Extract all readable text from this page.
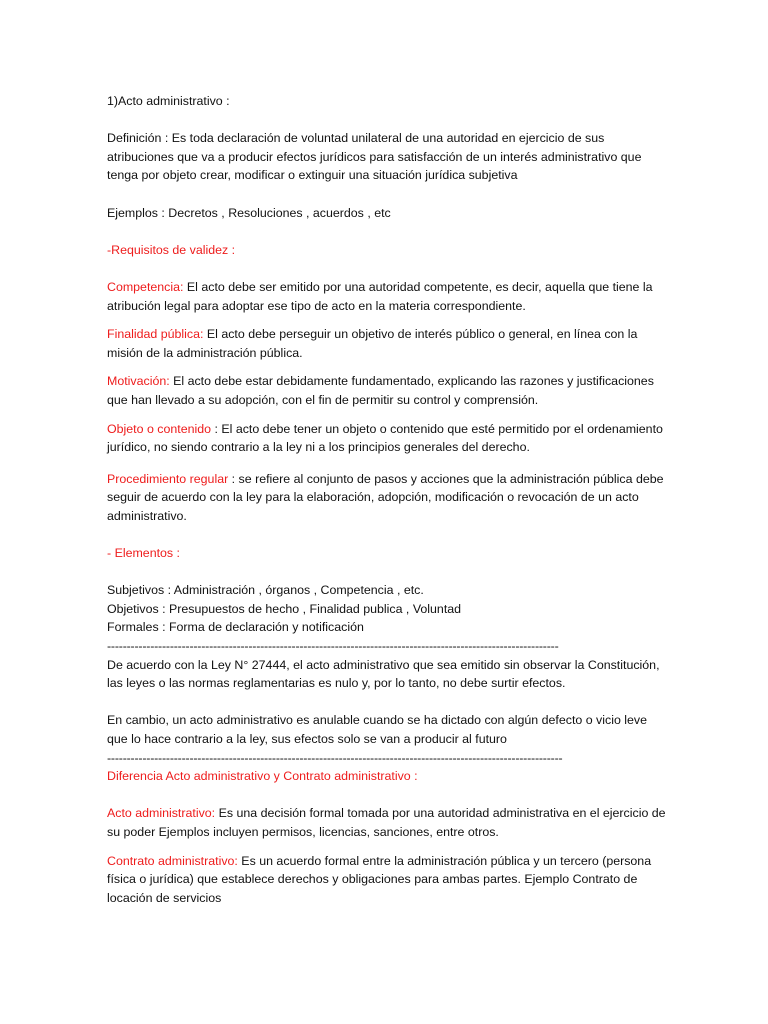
1)Acto administrativo :

Definición : Es toda declaración de voluntad unilateral de una autoridad en ejercicio de sus atribuciones que va a producir efectos jurídicos para satisfacción de un interés administrativo que tenga por objeto crear, modificar o extinguir una situación jurídica subjetiva

Ejemplos : Decretos , Resoluciones , acuerdos , etc

-Requisitos de validez :

Competencia: El acto debe ser emitido por una autoridad competente, es decir, aquella que tiene la atribución legal para adoptar ese tipo de acto en la materia correspondiente.

Finalidad pública: El acto debe perseguir un objetivo de interés público o general, en línea con la misión de la administración pública.

Motivación: El acto debe estar debidamente fundamentado, explicando las razones y justificaciones que han llevado a su adopción, con el fin de permitir su control y comprensión.

Objeto o contenido : El acto debe tener un objeto o contenido que esté permitido por el ordenamiento jurídico, no siendo contrario a la ley ni a los principios generales del derecho.

Procedimiento regular : se refiere al conjunto de pasos y acciones que la administración pública debe seguir de acuerdo con la ley para la elaboración, adopción, modificación o revocación de un acto administrativo.

- Elementos :

Subjetivos : Administración , órganos , Competencia , etc.

Objetivos : Presupuestos de hecho , Finalidad publica , Voluntad

Formales : Forma de declaración y notificación

-------------------------------------------------------------------------------------------------------------------

De acuerdo con la Ley N° 27444, el acto administrativo que sea emitido sin observar la Constitución, las leyes o las normas reglamentarias es nulo y, por lo tanto, no debe surtir efectos.

En cambio, un acto administrativo es anulable cuando se ha dictado con algún defecto o vicio leve que lo hace contrario a la ley, sus efectos solo se van a producir al futuro

--------------------------------------------------------------------------------------------------------------------

Diferencia Acto administrativo y Contrato administrativo :

Acto administrativo: Es una decisión formal tomada por una autoridad administrativa en el ejercicio de su poder Ejemplos incluyen permisos, licencias, sanciones, entre otros.

Contrato administrativo: Es un acuerdo formal entre la administración pública y un tercero (persona física o jurídica) que establece derechos y obligaciones para ambas partes. Ejemplo Contrato de locación de servicios
